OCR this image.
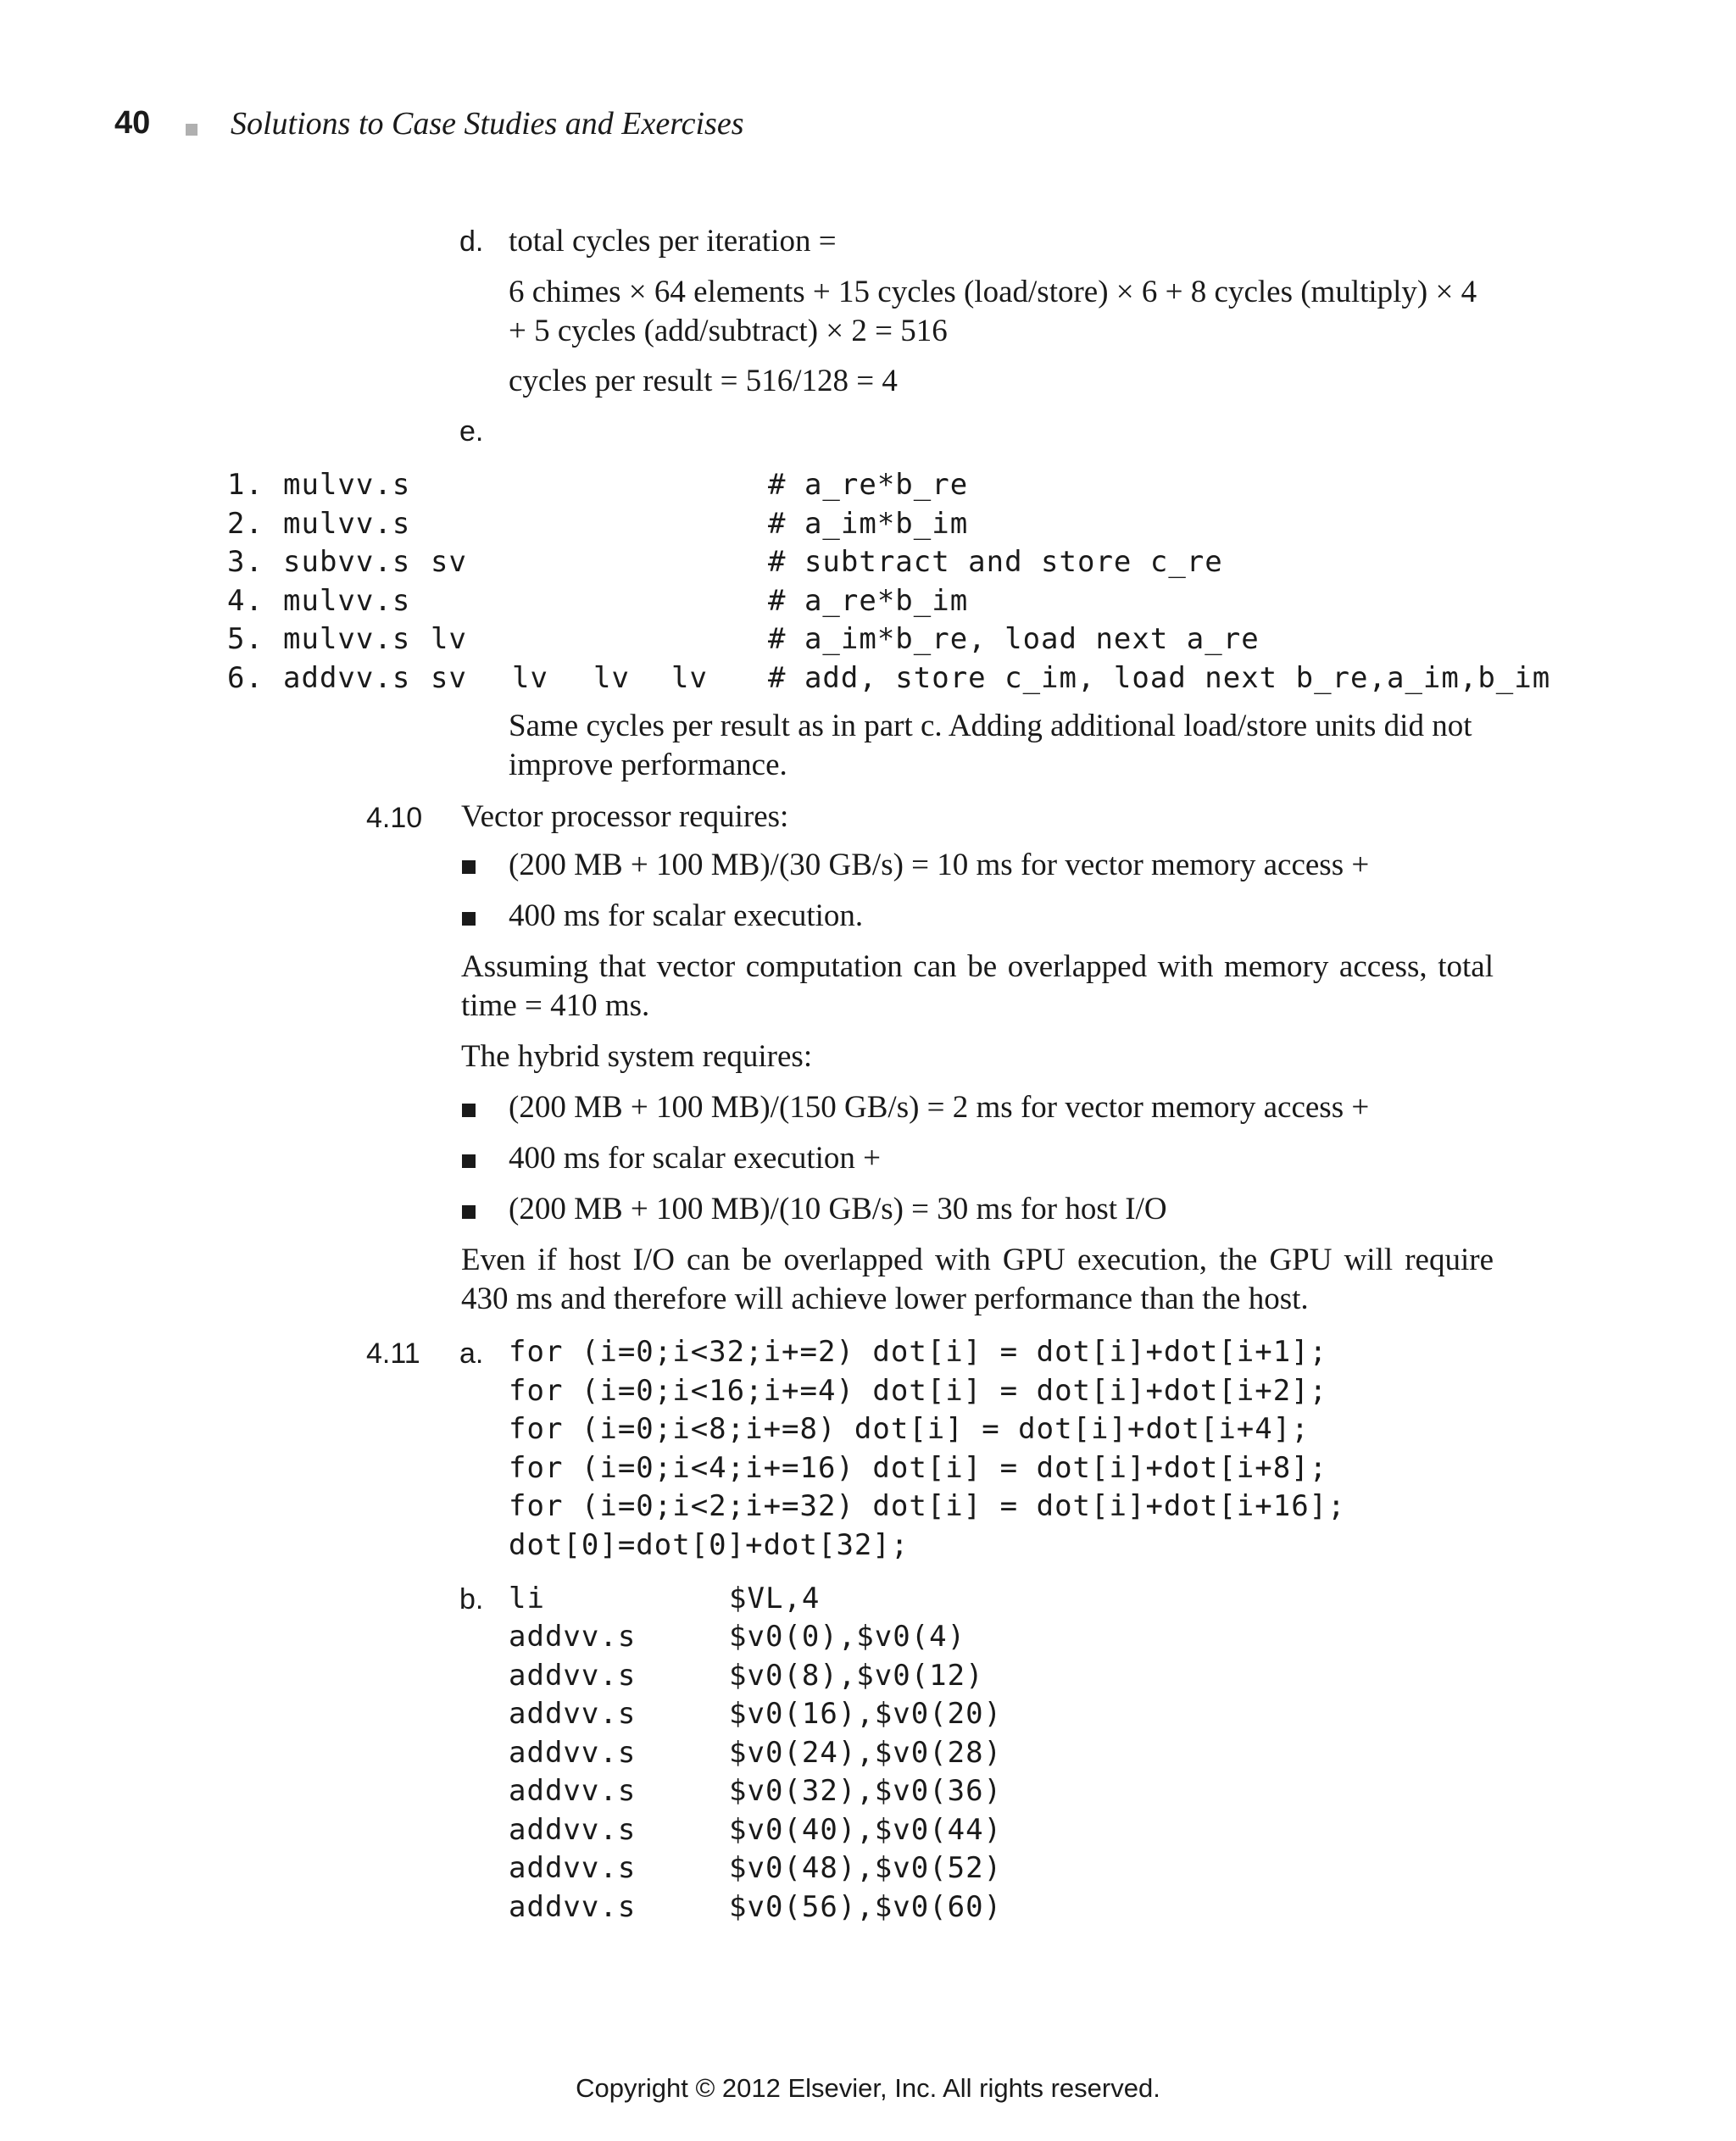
40 Solutions to Case Studies and Exercises
d. total cycles per iteration =
6 chimes × 64 elements + 15 cycles (load/store) × 6 + 8 cycles (multiply) × 4 + 5 cycles (add/subtract) × 2 = 516
cycles per result = 516/128 = 4
e.
1. mulvv.s	# a_re*b_re
2. mulvv.s	# a_im*b_im
3. subvv.s sv	# subtract and store c_re
4. mulvv.s	# a_re*b_im
5. mulvv.s lv	# a_im*b_re, load next a_re
6. addvv.s sv lv lv lv # add, store c_im, load next b_re,a_im,b_im
Same cycles per result as in part c. Adding additional load/store units did not improve performance.
4.10 Vector processor requires:
(200 MB + 100 MB)/(30 GB/s) = 10 ms for vector memory access +
400 ms for scalar execution.
Assuming that vector computation can be overlapped with memory access, total time = 410 ms.
The hybrid system requires:
(200 MB + 100 MB)/(150 GB/s) = 2 ms for vector memory access +
400 ms for scalar execution +
(200 MB + 100 MB)/(10 GB/s) = 30 ms for host I/O
Even if host I/O can be overlapped with GPU execution, the GPU will require 430 ms and therefore will achieve lower performance than the host.
4.11 a. for (i=0;i<32;i+=2) dot[i] = dot[i]+dot[i+1];
for (i=0;i<16;i+=4) dot[i] = dot[i]+dot[i+2];
for (i=0;i<8;i+=8) dot[i] = dot[i]+dot[i+4];
for (i=0;i<4;i+=16) dot[i] = dot[i]+dot[i+8];
for (i=0;i<2;i+=32) dot[i] = dot[i]+dot[i+16];
dot[0]=dot[0]+dot[32];
b. li	$VL,4
addvv.s	$v0(0),$v0(4)
addvv.s	$v0(8),$v0(12)
addvv.s	$v0(16),$v0(20)
addvv.s	$v0(24),$v0(28)
addvv.s	$v0(32),$v0(36)
addvv.s	$v0(40),$v0(44)
addvv.s	$v0(48),$v0(52)
addvv.s	$v0(56),$v0(60)
Copyright © 2012 Elsevier, Inc. All rights reserved.
